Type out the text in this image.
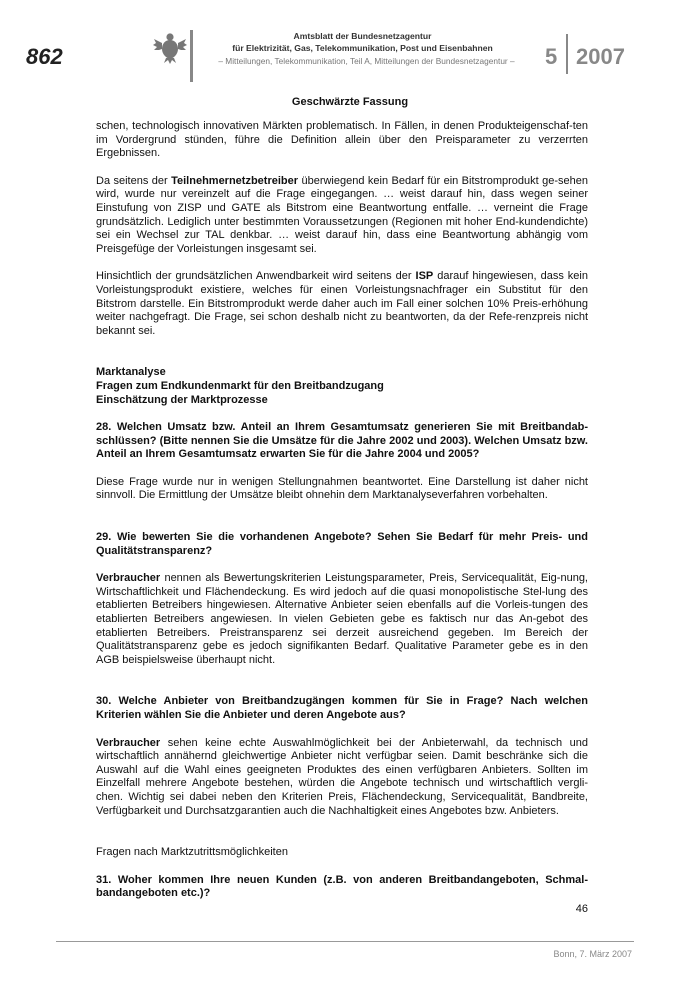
862
Amtsblatt der Bundesnetzagentur
für Elektrizität, Gas, Telekommunikation, Post und Eisenbahnen
– Mitteilungen, Telekommunikation, Teil A, Mitteilungen der Bundesnetzagentur –	5 2007
Geschwärzte Fassung

schen, technologisch innovativen Märkten problematisch. In Fällen, in denen Produkteigenschaf-ten im Vordergrund stünden, führe die Definition allein über den Preisparameter zu verzerrten Ergebnissen.

Da seitens der Teilnehmernetzbetreiber überwiegend kein Bedarf für ein Bitstromprodukt ge-sehen wird, wurde nur vereinzelt auf die Frage eingegangen. … weist darauf hin, dass wegen seiner Einstufung von ZISP und GATE als Bitstrom eine Beantwortung entfalle. … verneint die Frage grundsätzlich. Lediglich unter bestimmten Voraussetzungen (Regionen mit hoher End-kundendichte) sei ein Wechsel zur TAL denkbar. … weist darauf hin, dass eine Beantwortung abhängig vom Preisgefüge der Vorleistungen insgesamt sei.

Hinsichtlich der grundsätzlichen Anwendbarkeit wird seitens der ISP darauf hingewiesen, dass kein Vorleistungsprodukt existiere, welches für einen Vorleistungsnachfrager ein Substitut für den Bitstrom darstelle. Ein Bitstromprodukt werde daher auch im Fall einer solchen 10% Preis-erhöhung weiter nachgefragt. Die Frage, sei schon deshalb nicht zu beantworten, da der Refe-renzpreis nicht bekannt sei.

Marktanalyse
Fragen zum Endkundenmarkt für den Breitbandzugang
Einschätzung der Marktprozesse

28. Welchen Umsatz bzw. Anteil an Ihrem Gesamtumsatz generieren Sie mit Breitbandab-schlüssen? (Bitte nennen Sie die Umsätze für die Jahre 2002 und 2003). Welchen Umsatz bzw. Anteil an Ihrem Gesamtumsatz erwarten Sie für die Jahre 2004 und 2005?

Diese Frage wurde nur in wenigen Stellungnahmen beantwortet. Eine Darstellung ist daher nicht sinnvoll. Die Ermittlung der Umsätze bleibt ohnehin dem Marktanalyseverfahren vorbehalten.

29. Wie bewerten Sie die vorhandenen Angebote? Sehen Sie Bedarf für mehr Preis- und Qualitätstransparenz?

Verbraucher nennen als Bewertungskriterien Leistungsparameter, Preis, Servicequalität, Eig-nung, Wirtschaftlichkeit und Flächendeckung. Es wird jedoch auf die quasi monopolistische Stel-lung des etablierten Betreibers hingewiesen. Alternative Anbieter seien ebenfalls auf die Vorleis-tungen des etablierten Betreibers angewiesen. In vielen Gebieten gebe es faktisch nur das An-gebot des etablierten Betreibers. Preistransparenz sei derzeit ausreichend gegeben. Im Bereich der Qualitätstransparenz gebe es jedoch signifikanten Bedarf. Qualitative Parameter gebe es in den AGB beispielsweise überhaupt nicht.

30. Welche Anbieter von Breitbandzugängen kommen für Sie in Frage? Nach welchen Kriterien wählen Sie die Anbieter und deren Angebote aus?

Verbraucher sehen keine echte Auswahlmöglichkeit bei der Anbieterwahl, da technisch und wirtschaftlich annähernd gleichwertige Anbieter nicht verfügbar seien. Damit beschränke sich die Auswahl auf die Wahl eines geeigneten Produktes des einen verfügbaren Anbieters. Sollten im Einzelfall mehrere Angebote bestehen, würden die Angebote technisch und wirtschaftlich vergli-chen. Wichtig sei dabei neben den Kriterien Preis, Flächendeckung, Servicequalität, Bandbreite, Verfügbarkeit und Durchsatzgarantien auch die Nachhaltigkeit eines Angebotes bzw. Anbieters.

Fragen nach Marktzutrittsmöglichkeiten

31. Woher kommen Ihre neuen Kunden (z.B. von anderen Breitbandangeboten, Schmal-bandangeboten etc.)?

46
Bonn, 7. März 2007
